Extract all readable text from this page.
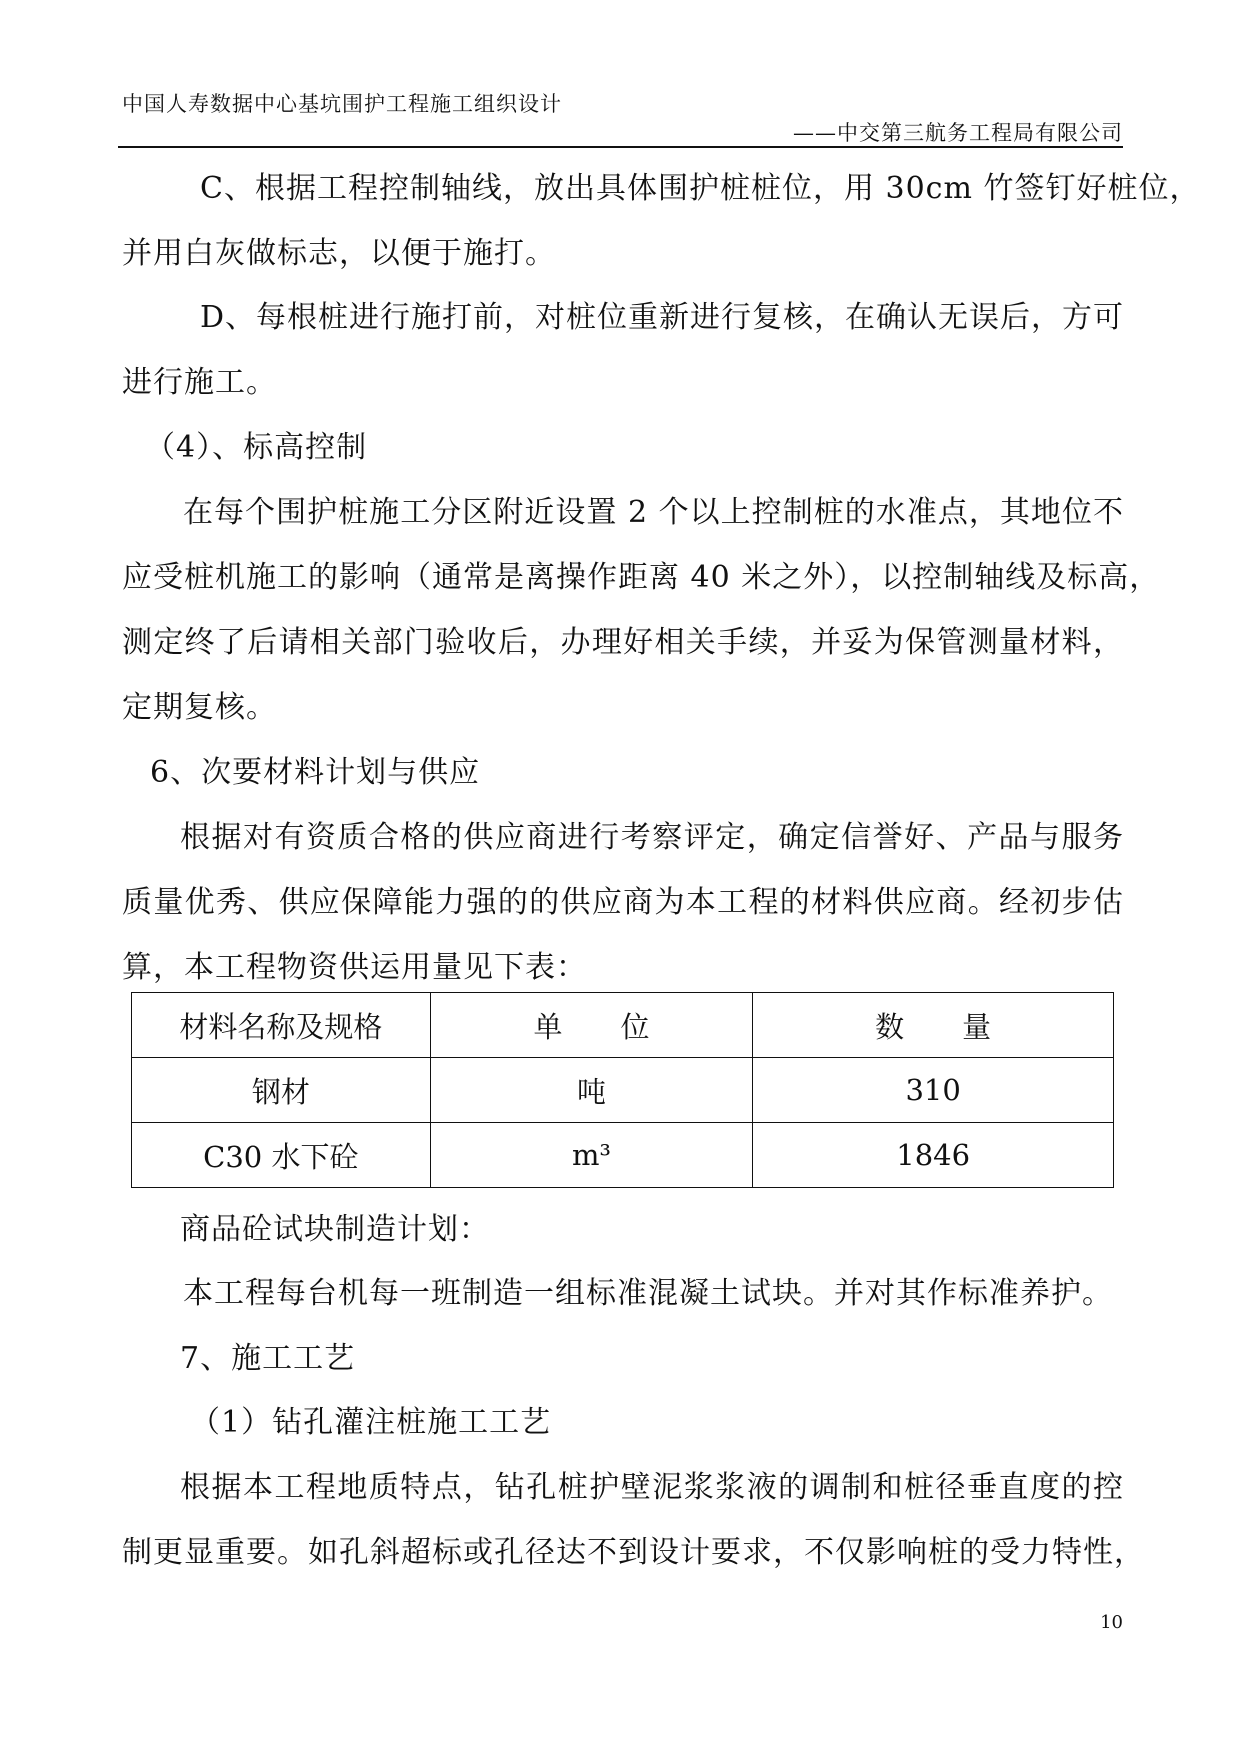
中国人寿数据中心基坑围护工程施工组织设计
——中交第三航务工程局有限公司
C、根据工程控制轴线，放出具体围护桩桩位，用 30cm 竹签钉好桩位，
并用白灰做标志，以便于施打。
D、每根桩进行施打前，对桩位重新进行复核，在确认无误后，方可
进行施工。
（4）、标高控制
在每个围护桩施工分区附近设置 2 个以上控制桩的水准点，其地位不
应受桩机施工的影响（通常是离操作距离 40 米之外），以控制轴线及标高，
测定终了后请相关部门验收后，办理好相关手续，并妥为保管测量材料，
定期复核。
6、次要材料计划与供应
根据对有资质合格的供应商进行考察评定，确定信誉好、产品与服务
质量优秀、供应保障能力强的的供应商为本工程的材料供应商。经初步估
算，本工程物资供运用量见下表：
材料名称及规格	单　　位	数　　量
钢材	吨	310
C30 水下砼	m³	1846
商品砼试块制造计划：
本工程每台机每一班制造一组标准混凝土试块。并对其作标准养护。
7、施工工艺
（1）钻孔灌注桩施工工艺
根据本工程地质特点，钻孔桩护壁泥浆浆液的调制和桩径垂直度的控
制更显重要。如孔斜超标或孔径达不到设计要求，不仅影响桩的受力特性，
10
